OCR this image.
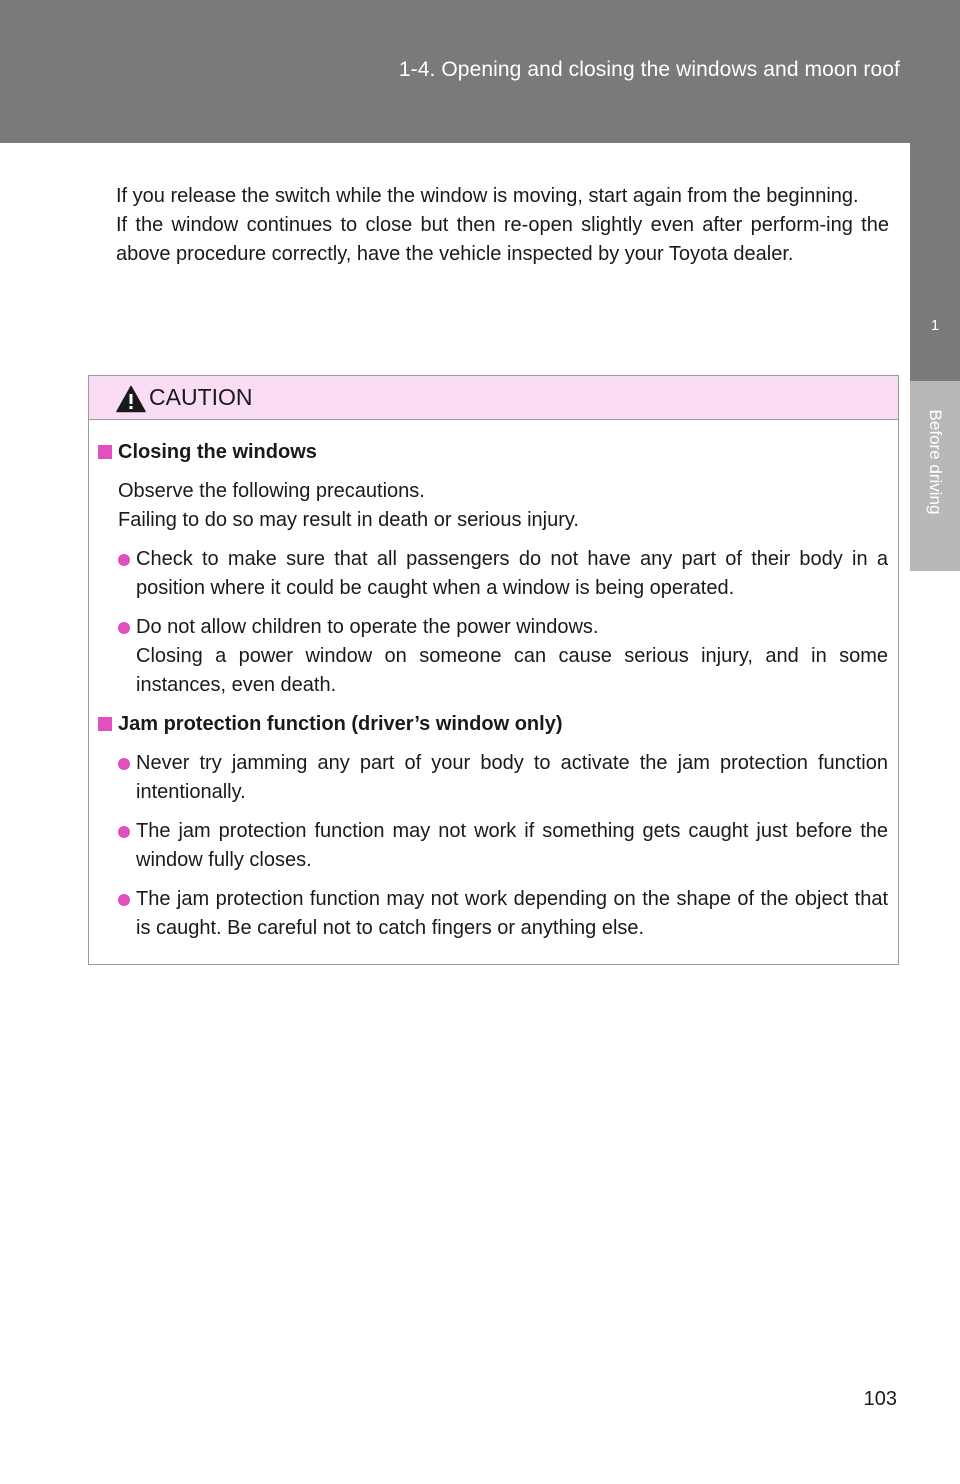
1-4. Opening and closing the windows and moon roof
1
Before driving

If you release the switch while the window is moving, start again from the beginning.

If the window continues to close but then re-open slightly even after perform-ing the above procedure correctly, have the vehicle inspected by your Toyota dealer.

CAUTION
Closing the windows
Observe the following precautions.
Failing to do so may result in death or serious injury.
Check to make sure that all passengers do not have any part of their body in a position where it could be caught when a window is being operated.
Do not allow children to operate the power windows.
Closing a power window on someone can cause serious injury, and in some instances, even death.
Jam protection function (driver’s window only)
Never try jamming any part of your body to activate the jam protection function intentionally.
The jam protection function may not work if something gets caught just before the window fully closes.
The jam protection function may not work depending on the shape of the object that is caught. Be careful not to catch fingers or anything else.
103
